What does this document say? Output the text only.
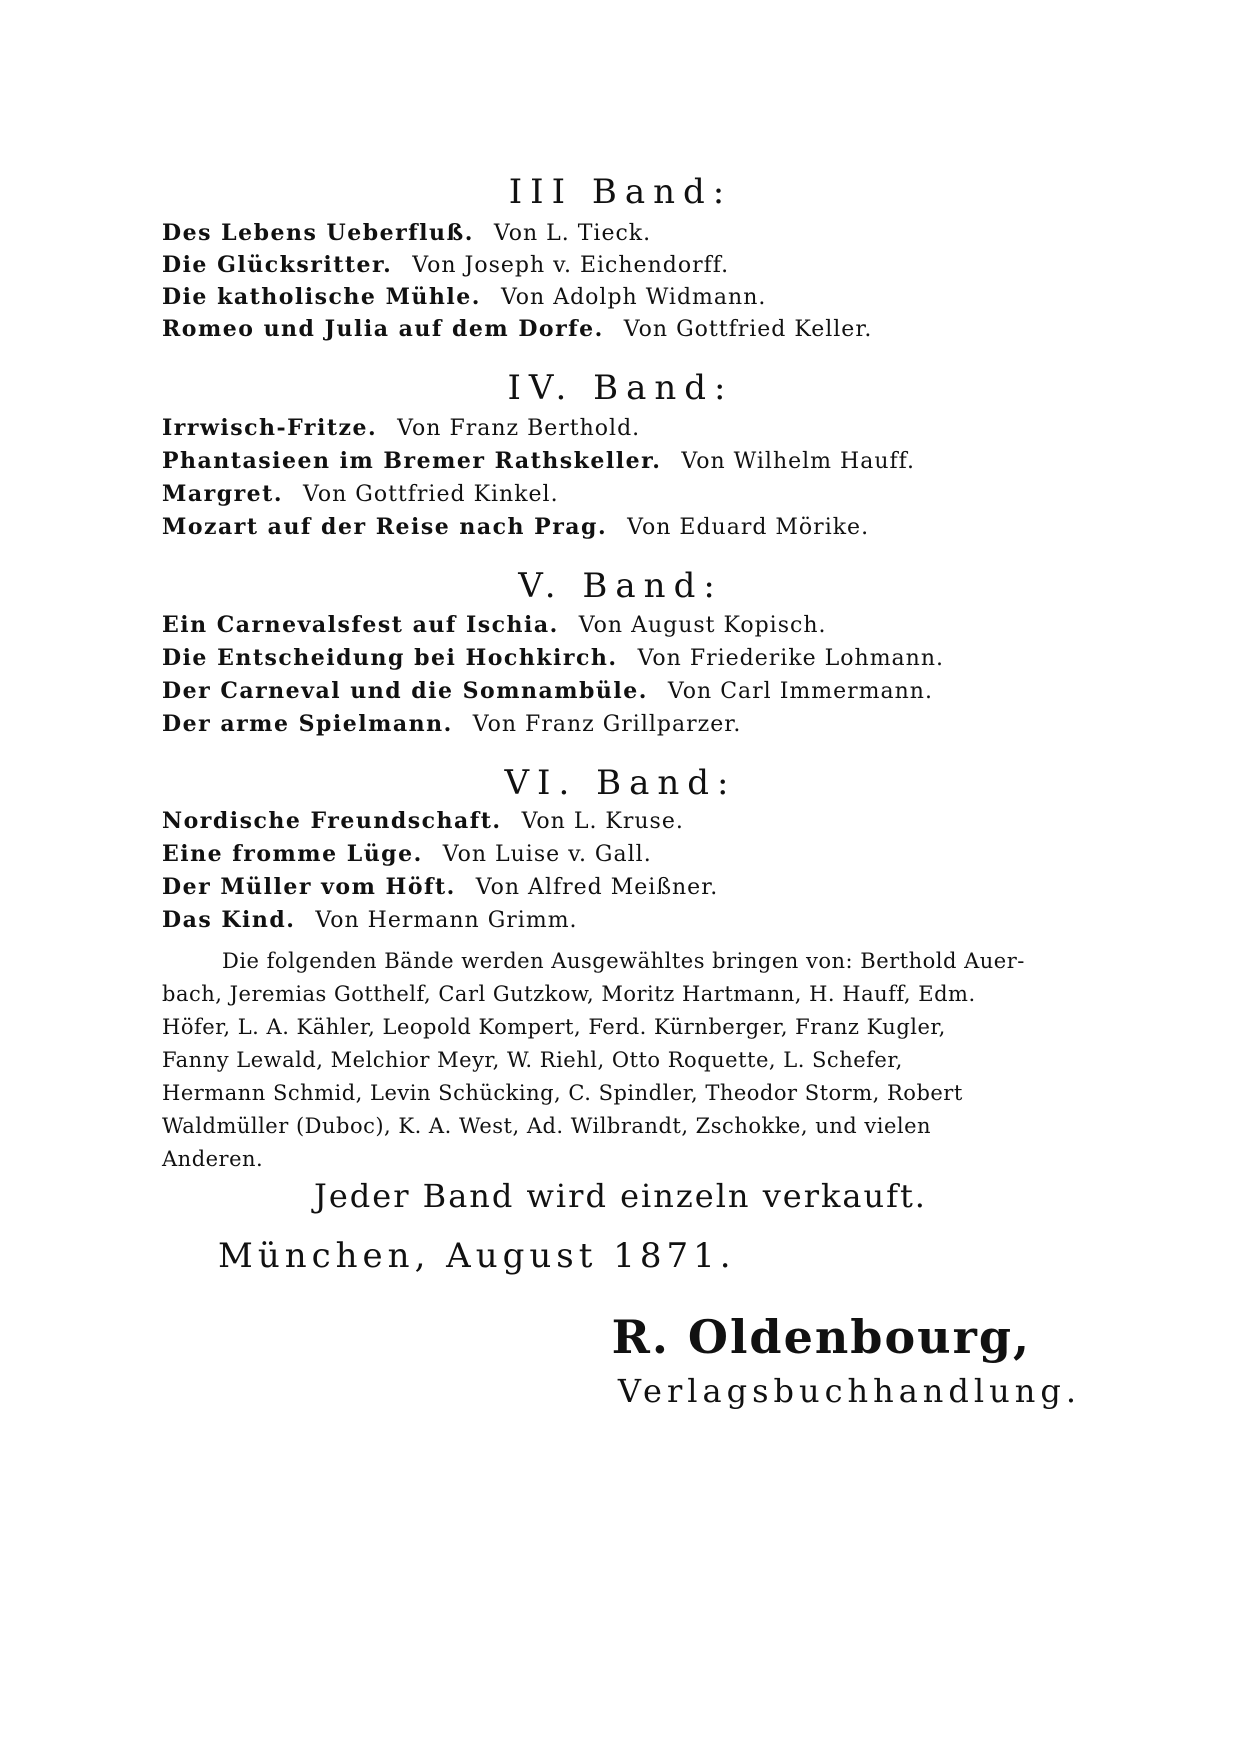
III Band:
Des Lebens Ueberfluß. Von L. Tieck.
Die Glücksritter. Von Joseph v. Eichendorff.
Die katholische Mühle. Von Adolph Widmann.
Romeo und Julia auf dem Dorfe. Von Gottfried Keller.
IV. Band:
Irrwisch-Fritze. Von Franz Berthold.
Phantasieen im Bremer Rathskeller. Von Wilhelm Hauff.
Margret. Von Gottfried Kinkel.
Mozart auf der Reise nach Prag. Von Eduard Mörike.
V. Band:
Ein Carnevalsfest auf Ischia. Von August Kopisch.
Die Entscheidung bei Hochkirch. Von Friederike Lohmann.
Der Carneval und die Somnambüle. Von Carl Immermann.
Der arme Spielmann. Von Franz Grillparzer.
VI. Band:
Nordische Freundschaft. Von L. Kruse.
Eine fromme Lüge. Von Luise v. Gall.
Der Müller vom Höft. Von Alfred Meißner.
Das Kind. Von Hermann Grimm.
Die folgenden Bände werden Ausgewähltes bringen von: Berthold Auer-
bach, Jeremias Gotthelf, Carl Gutzkow, Moritz Hartmann, H. Hauff, Edm.
Höfer, L. A. Kähler, Leopold Kompert, Ferd. Kürnberger, Franz Kugler,
Fanny Lewald, Melchior Meyr, W. Riehl, Otto Roquette, L. Schefer,
Hermann Schmid, Levin Schücking, C. Spindler, Theodor Storm, Robert
Waldmüller (Duboc), K. A. West, Ad. Wilbrandt, Zschokke, und vielen
Anderen.
Jeder Band wird einzeln verkauft.
München, August 1871.
R. Oldenbourg,
Verlagsbuchhandlung.
